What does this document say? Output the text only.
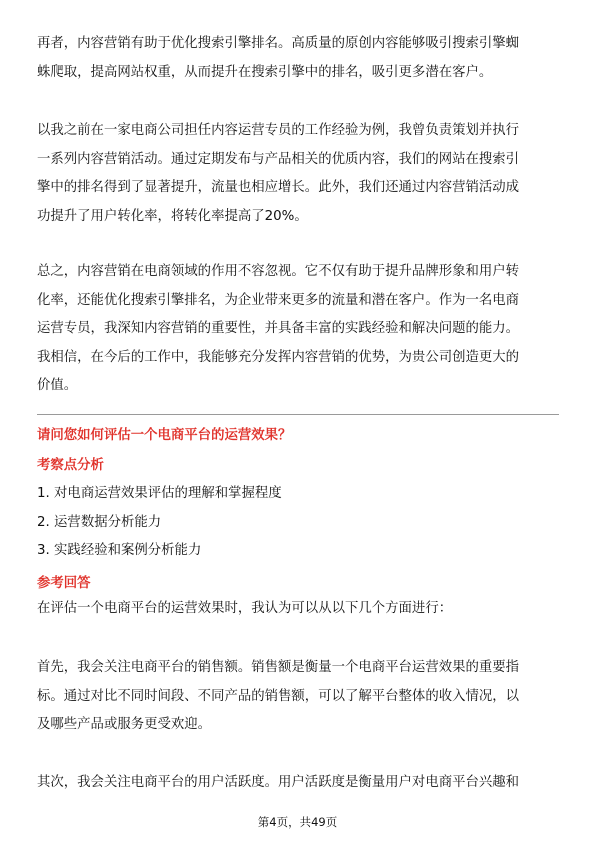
再者，内容营销有助于优化搜索引擎排名。高质量的原创内容能够吸引搜索引擎蜘
蛛爬取，提高网站权重，从而提升在搜索引擎中的排名，吸引更多潜在客户。

以我之前在一家电商公司担任内容运营专员的工作经验为例，我曾负责策划并执行
一系列内容营销活动。通过定期发布与产品相关的优质内容，我们的网站在搜索引
擎中的排名得到了显著提升，流量也相应增长。此外，我们还通过内容营销活动成
功提升了用户转化率，将转化率提高了20%。

总之，内容营销在电商领域的作用不容忽视。它不仅有助于提升品牌形象和用户转
化率，还能优化搜索引擎排名，为企业带来更多的流量和潜在客户。作为一名电商
运营专员，我深知内容营销的重要性，并具备丰富的实践经验和解决问题的能力。
我相信，在今后的工作中，我能够充分发挥内容营销的优势，为贵公司创造更大的
价值。

请问您如何评估一个电商平台的运营效果？
考察点分析
1. 对电商运营效果评估的理解和掌握程度
2. 运营数据分析能力
3. 实践经验和案例分析能力
参考回答

在评估一个电商平台的运营效果时，我认为可以从以下几个方面进行：

首先，我会关注电商平台的销售额。销售额是衡量一个电商平台运营效果的重要指
标。通过对比不同时间段、不同产品的销售额，可以了解平台整体的收入情况，以
及哪些产品或服务更受欢迎。

其次，我会关注电商平台的用户活跃度。用户活跃度是衡量用户对电商平台兴趣和

第4页，共49页
